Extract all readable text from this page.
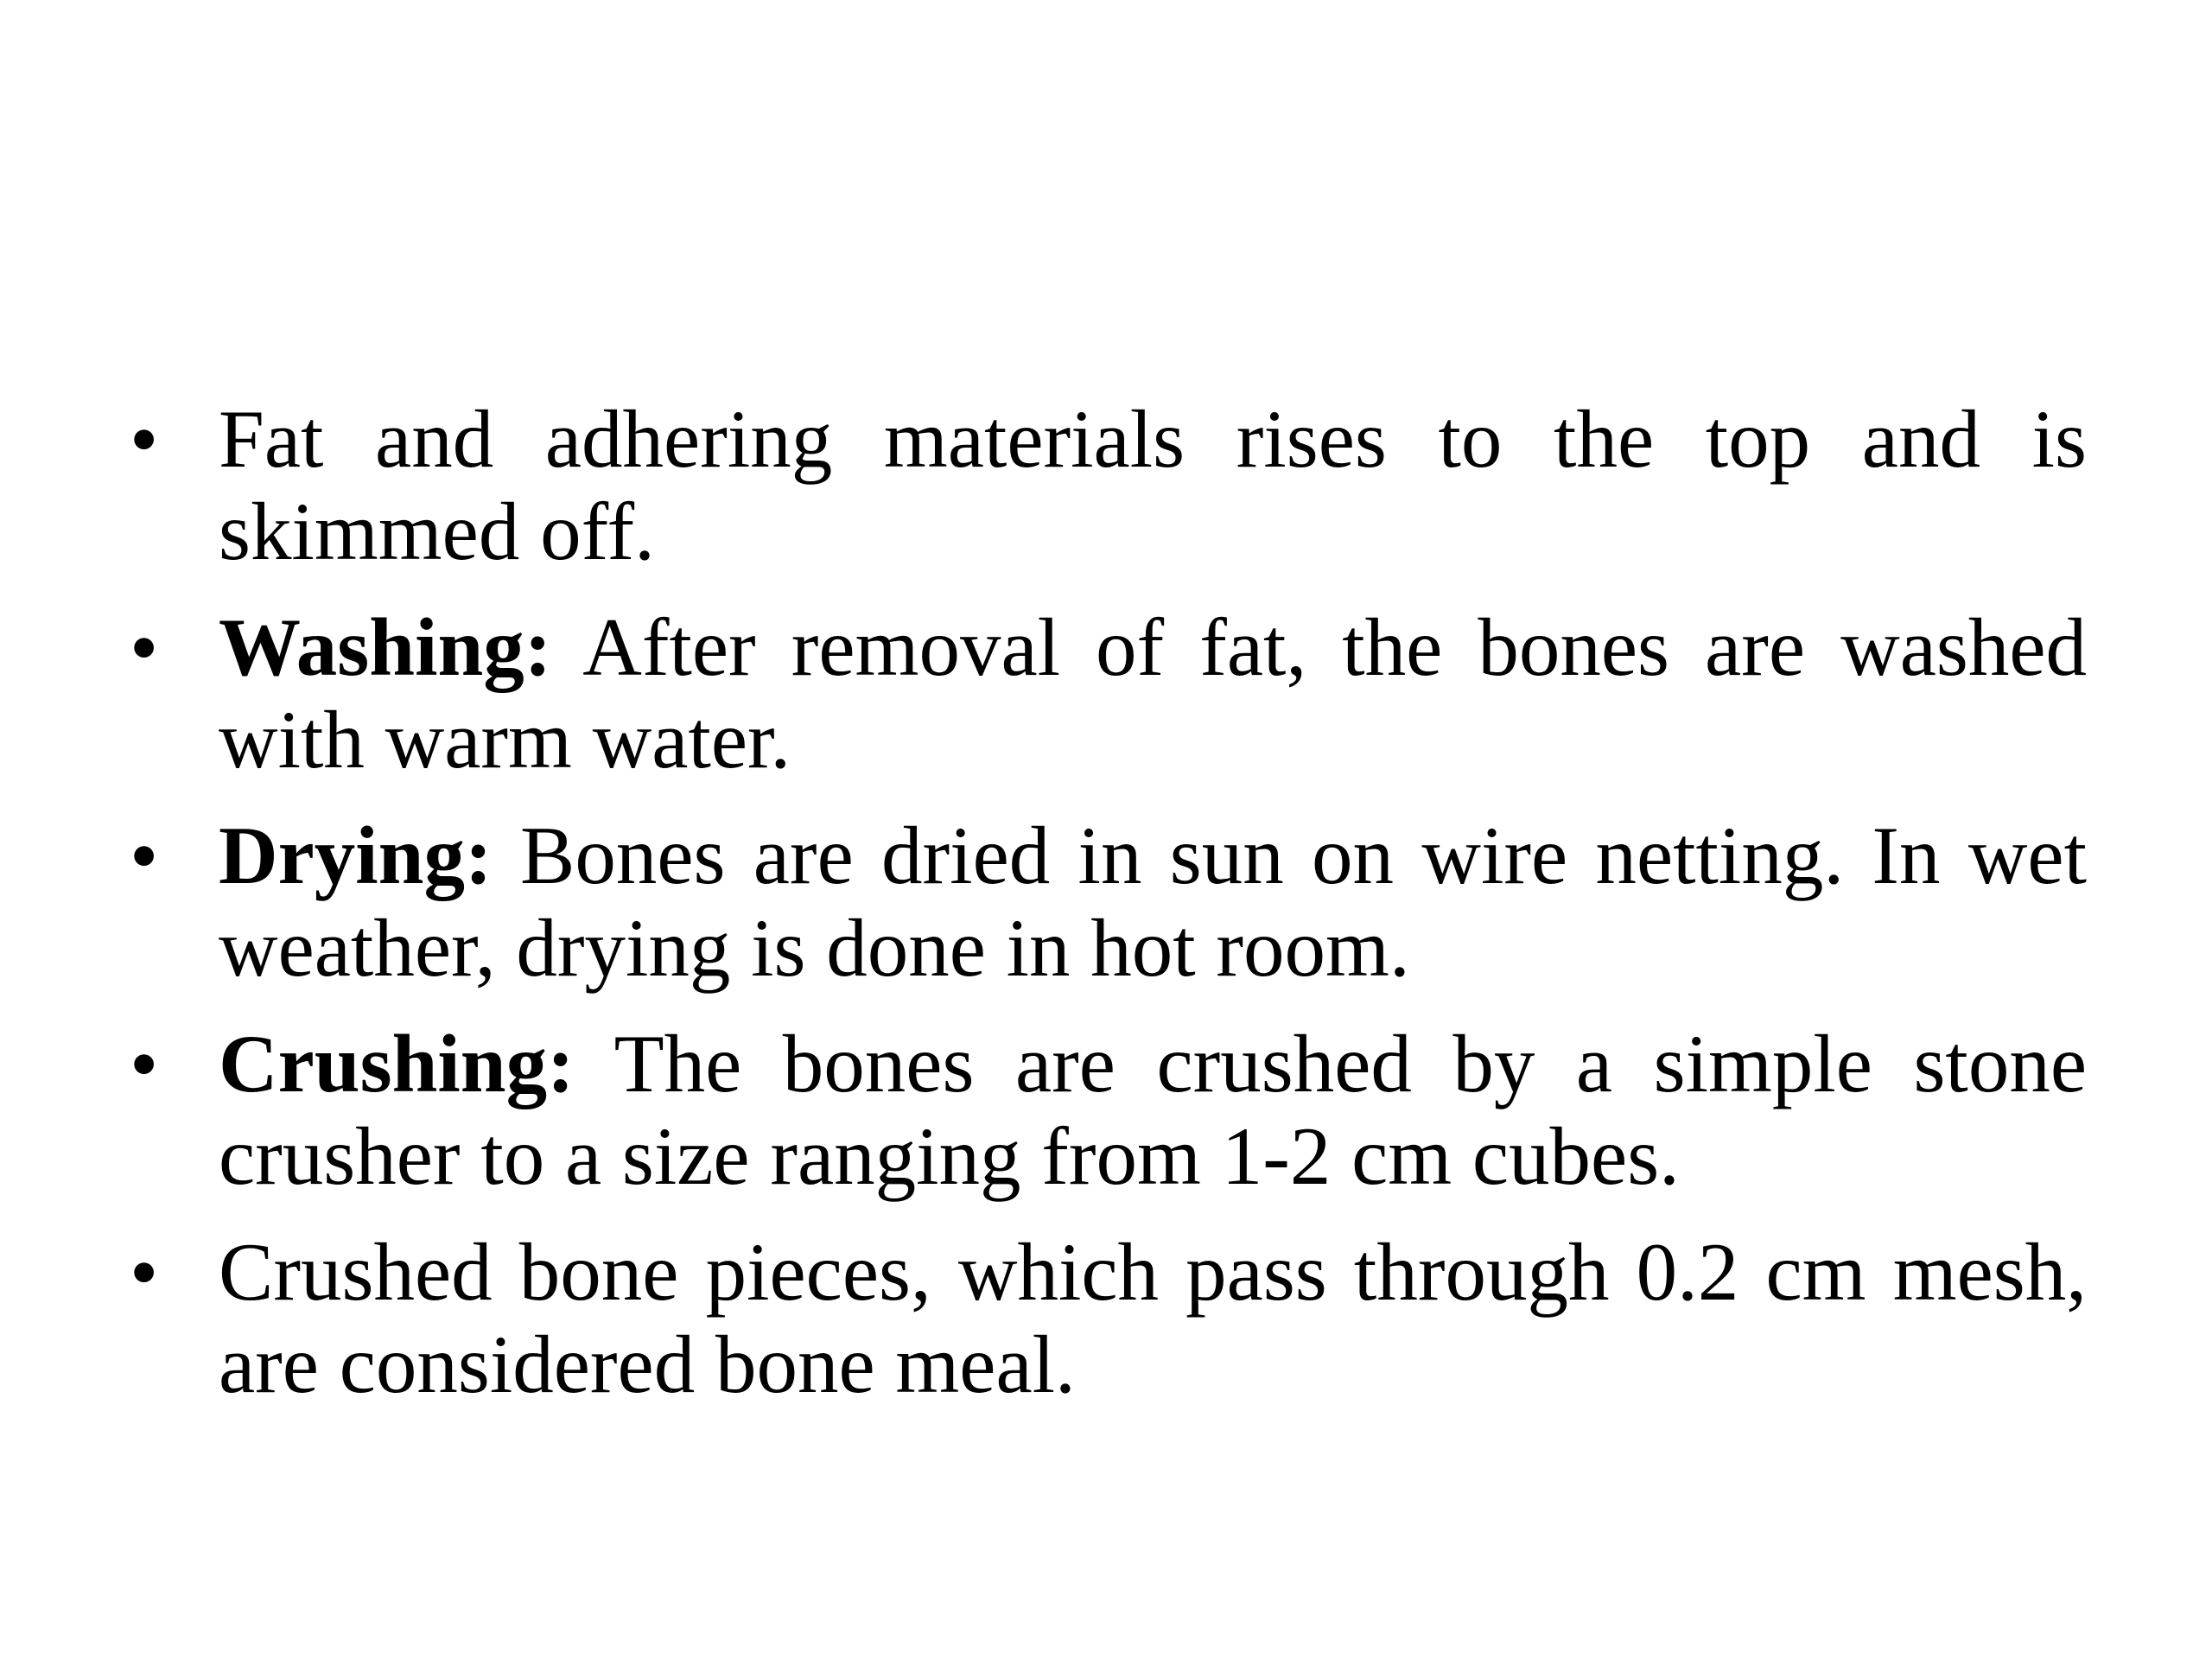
• Fat and adhering materials rises to the top and is skimmed off.
• Washing: After removal of fat, the bones are washed with warm water.
• Drying: Bones are dried in sun on wire netting. In wet weather, drying is done in hot room.
• Crushing: The bones are crushed by a simple stone crusher to a size ranging from 1-2 cm cubes.
• Crushed bone pieces, which pass through 0.2 cm mesh, are considered bone meal.
